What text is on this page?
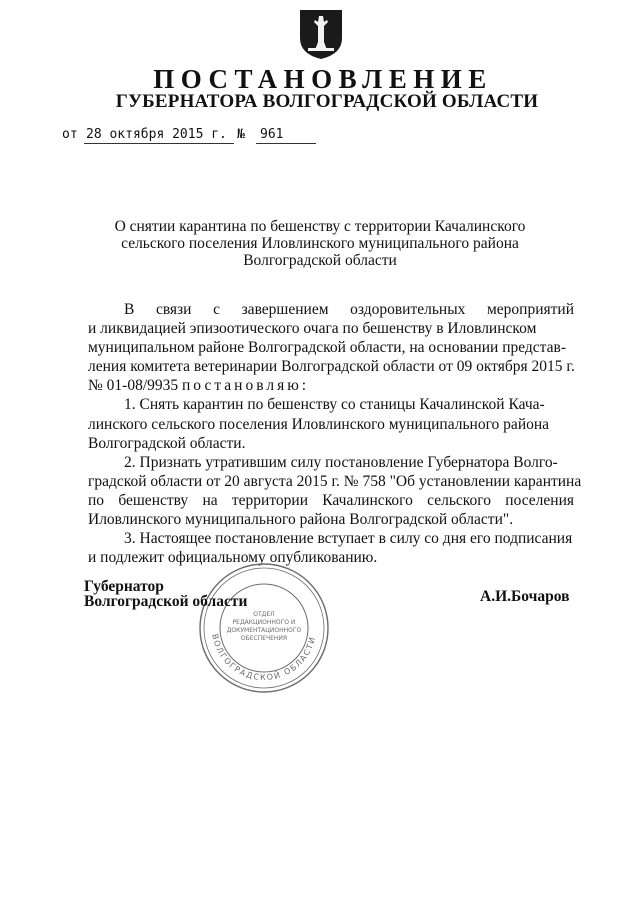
ПОСТАНОВЛЕНИЕ
ГУБЕРНАТОРА ВОЛГОГРАДСКОЙ ОБЛАСТИ
от 28 октября 2015 г. № 961
О снятии карантина по бешенству с территории Качалинского
сельского поселения Иловлинского муниципального района
Волгоградской области
В связи с завершением оздоровительных мероприятий
и ликвидацией эпизоотического очага по бешенству в Иловлинском
муниципальном районе Волгоградской области, на основании представ-
ления комитета ветеринарии Волгоградской области от 09 октября 2015 г.
№ 01-08/9935 постановляю:
1. Снять карантин по бешенству со станицы Качалинской Кача-
линского сельского поселения Иловлинского муниципального района
Волгоградской области.
2. Признать утратившим силу постановление Губернатора Волго-
градской области от 20 августа 2015 г. № 758 "Об установлении карантина
по бешенству на территории Качалинского сельского поселения
Иловлинского муниципального района Волгоградской области".
3. Настоящее постановление вступает в силу со дня его подписания
и подлежит официальному опубликованию.
ВОЛГОГРАДСКОЙ ОБЛАСТИ
ОТДЕЛ
РЕДАКЦИОННОГО И
ДОКУМЕНТАЦИОННОГО
ОБЕСПЕЧЕНИЯ
Губернатор
Волгоградской области	А.И.Бочаров
